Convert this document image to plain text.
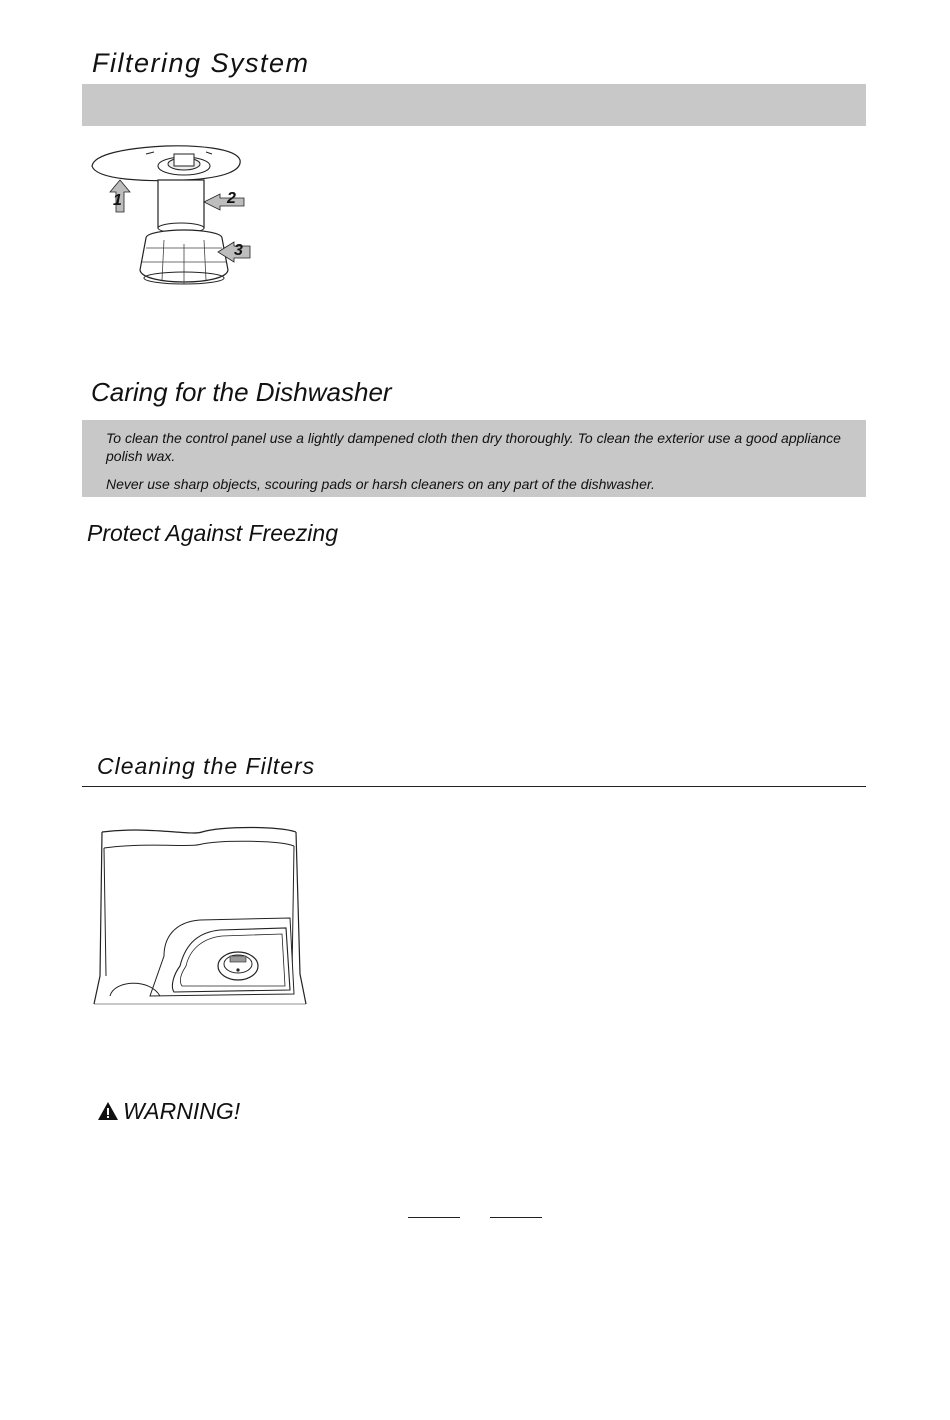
Filtering System
1	2
3
Caring for the Dishwasher

To clean the control panel use a lightly dampened cloth then dry thoroughly. To clean the exterior use a good appliance polish wax.

Never use sharp objects, scouring pads or harsh cleaners on any part of the dishwasher.

Protect Against Freezing
Cleaning the Filters
WARNING!
